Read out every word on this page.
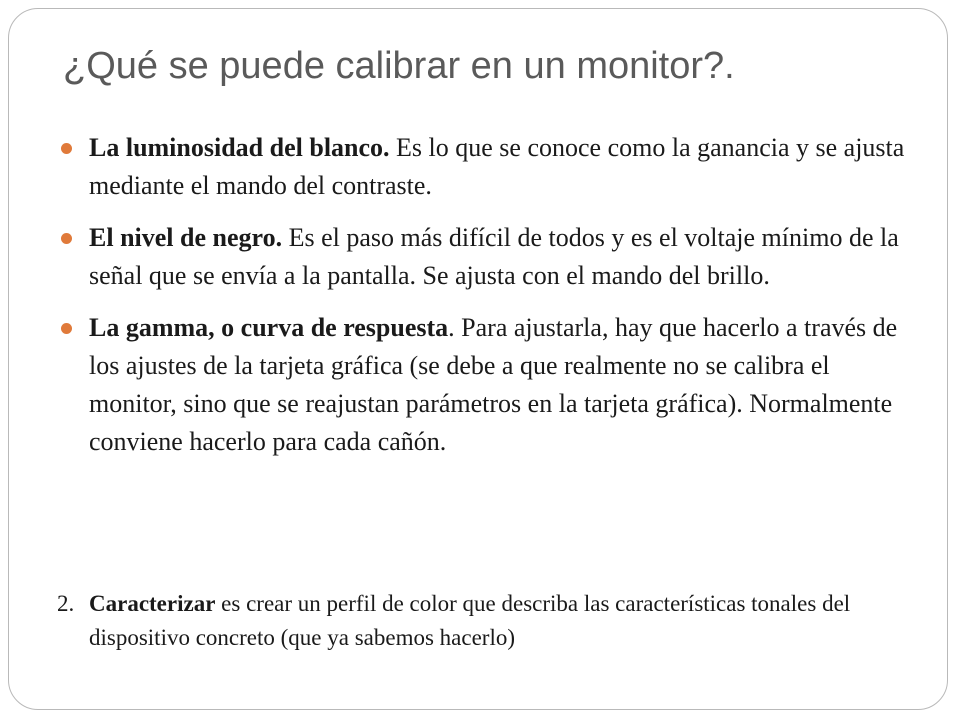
¿Qué se puede calibrar en un monitor?.
La luminosidad del blanco. Es lo que se conoce como la ganancia y se ajusta mediante el mando del contraste.
El nivel de negro. Es el paso más difícil de todos y es el voltaje mínimo de la señal que se envía a la pantalla. Se ajusta con el mando del brillo.
La gamma, o curva de respuesta. Para ajustarla, hay que hacerlo a través de los ajustes de la tarjeta gráfica (se debe a que realmente no se calibra el monitor, sino que se reajustan parámetros en la tarjeta gráfica). Normalmente conviene hacerlo para cada cañón.
2. Caracterizar es crear un perfil de color que describa las características tonales del dispositivo concreto (que ya sabemos hacerlo)
